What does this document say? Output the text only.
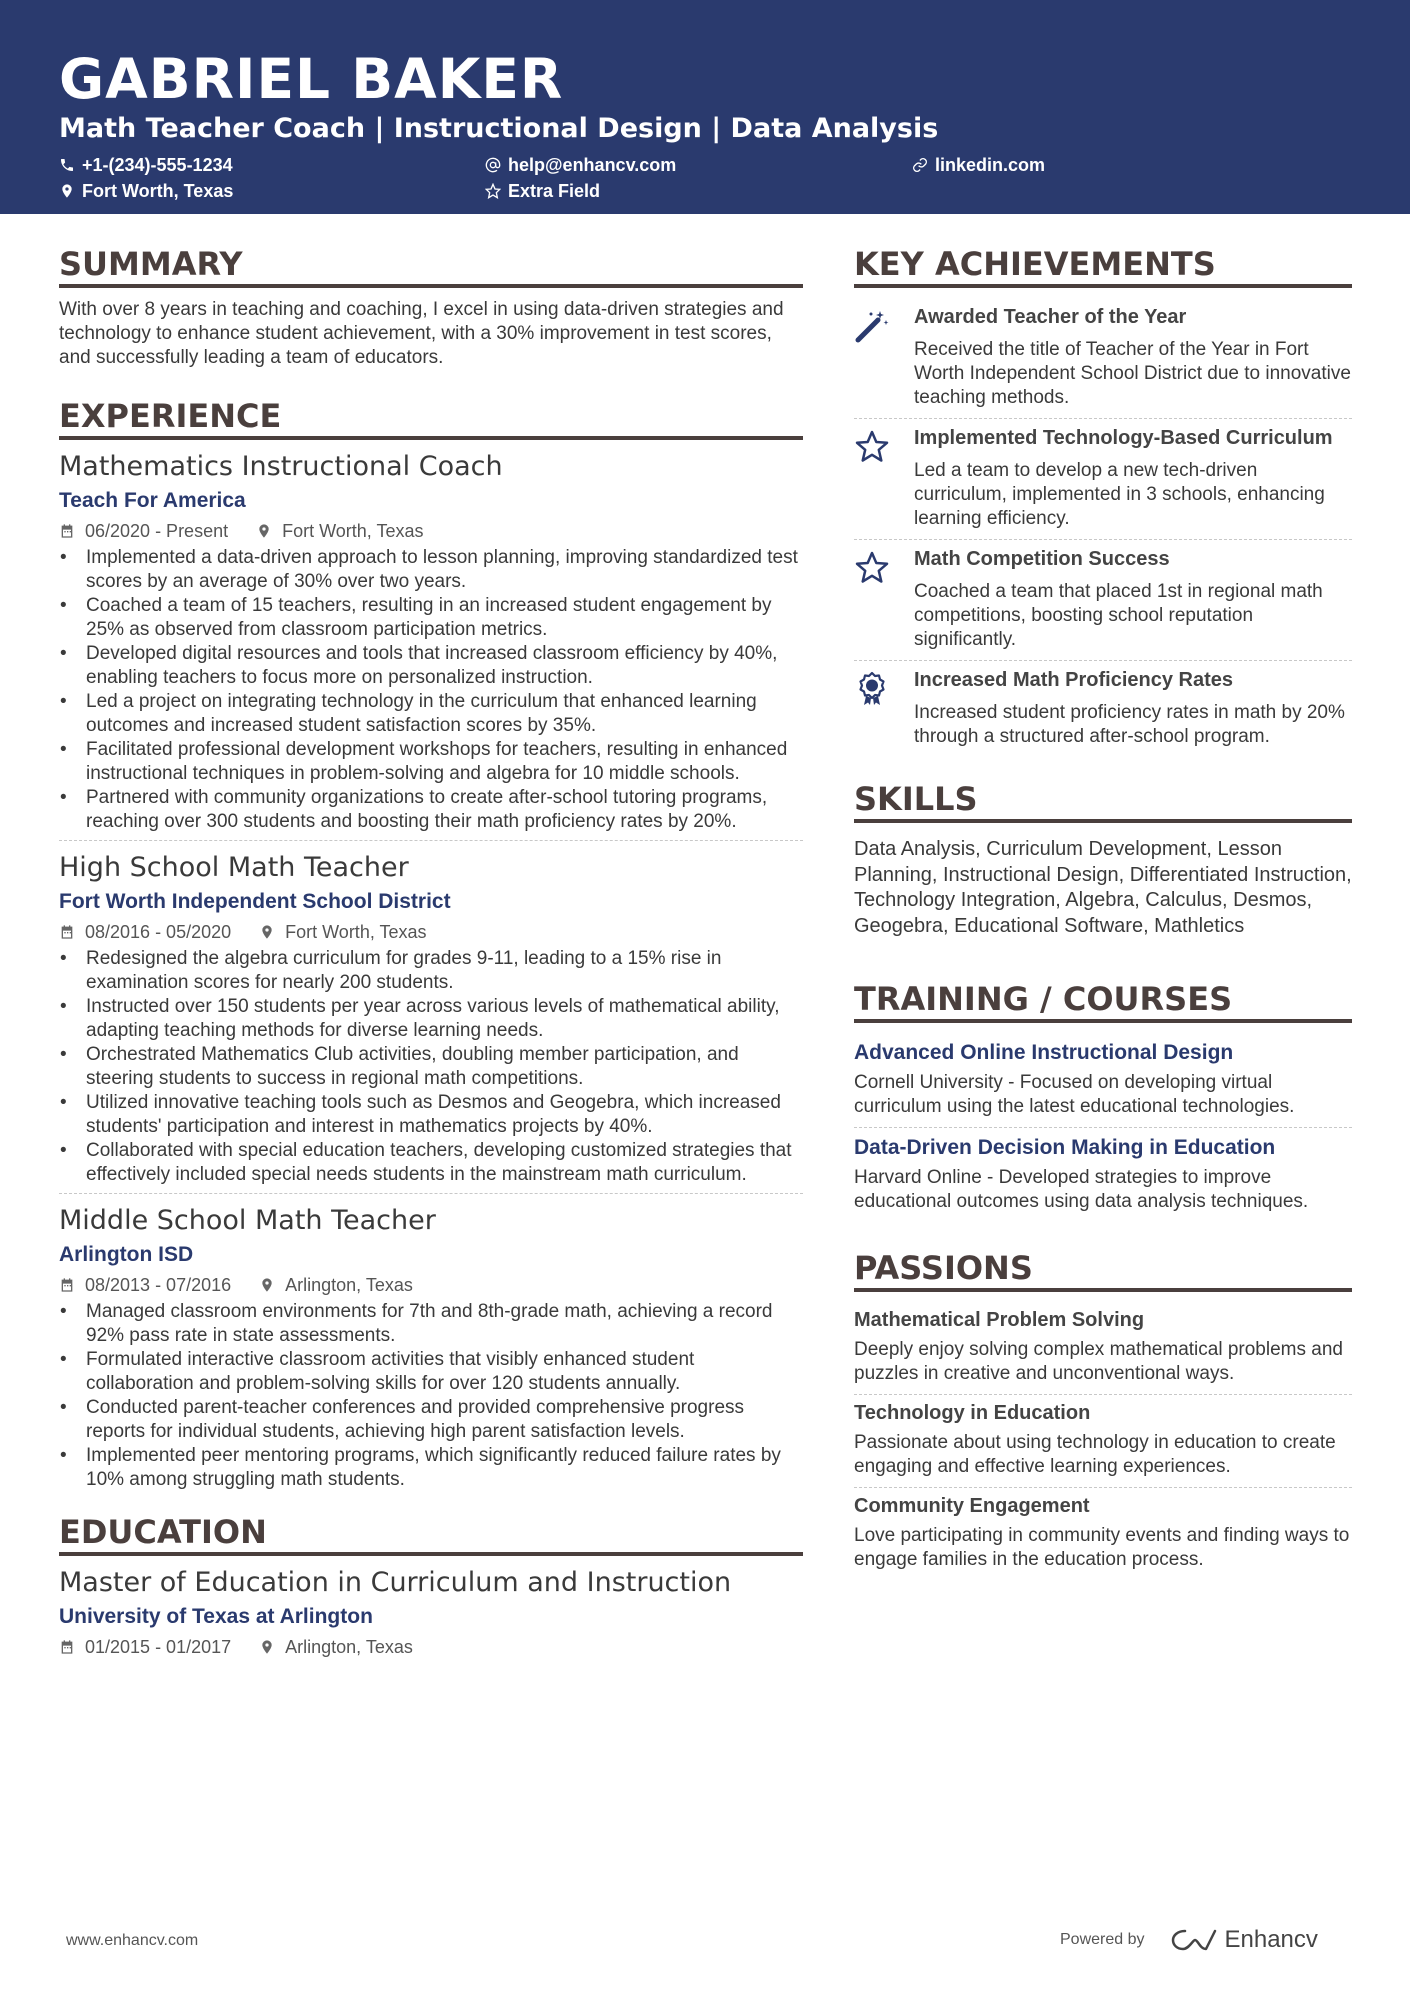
GABRIEL BAKER
Math Teacher Coach | Instructional Design | Data Analysis
+1-(234)-555-1234	help@enhancv.com	linkedin.com
Fort Worth, Texas	Extra Field
SUMMARY
With over 8 years in teaching and coaching, I excel in using data-driven strategies and technology to enhance student achievement, with a 30% improvement in test scores, and successfully leading a team of educators.
EXPERIENCE
Mathematics Instructional Coach
Teach For America
06/2020 - Present	Fort Worth, Texas
• Implemented a data-driven approach to lesson planning, improving standardized test scores by an average of 30% over two years.
• Coached a team of 15 teachers, resulting in an increased student engagement by 25% as observed from classroom participation metrics.
• Developed digital resources and tools that increased classroom efficiency by 40%, enabling teachers to focus more on personalized instruction.
• Led a project on integrating technology in the curriculum that enhanced learning outcomes and increased student satisfaction scores by 35%.
• Facilitated professional development workshops for teachers, resulting in enhanced instructional techniques in problem-solving and algebra for 10 middle schools.
• Partnered with community organizations to create after-school tutoring programs, reaching over 300 students and boosting their math proficiency rates by 20%.
High School Math Teacher
Fort Worth Independent School District
08/2016 - 05/2020	Fort Worth, Texas
• Redesigned the algebra curriculum for grades 9-11, leading to a 15% rise in examination scores for nearly 200 students.
• Instructed over 150 students per year across various levels of mathematical ability, adapting teaching methods for diverse learning needs.
• Orchestrated Mathematics Club activities, doubling member participation, and steering students to success in regional math competitions.
• Utilized innovative teaching tools such as Desmos and Geogebra, which increased students' participation and interest in mathematics projects by 40%.
• Collaborated with special education teachers, developing customized strategies that effectively included special needs students in the mainstream math curriculum.
Middle School Math Teacher
Arlington ISD
08/2013 - 07/2016	Arlington, Texas
• Managed classroom environments for 7th and 8th-grade math, achieving a record 92% pass rate in state assessments.
• Formulated interactive classroom activities that visibly enhanced student collaboration and problem-solving skills for over 120 students annually.
• Conducted parent-teacher conferences and provided comprehensive progress reports for individual students, achieving high parent satisfaction levels.
• Implemented peer mentoring programs, which significantly reduced failure rates by 10% among struggling math students.
EDUCATION
Master of Education in Curriculum and Instruction
University of Texas at Arlington
01/2015 - 01/2017	Arlington, Texas
KEY ACHIEVEMENTS
Awarded Teacher of the Year
Received the title of Teacher of the Year in Fort Worth Independent School District due to innovative teaching methods.
Implemented Technology-Based Curriculum
Led a team to develop a new tech-driven curriculum, implemented in 3 schools, enhancing learning efficiency.
Math Competition Success
Coached a team that placed 1st in regional math competitions, boosting school reputation significantly.
Increased Math Proficiency Rates
Increased student proficiency rates in math by 20% through a structured after-school program.
SKILLS
Data Analysis, Curriculum Development, Lesson Planning, Instructional Design, Differentiated Instruction, Technology Integration, Algebra, Calculus, Desmos, Geogebra, Educational Software, Mathletics
TRAINING / COURSES
Advanced Online Instructional Design
Cornell University - Focused on developing virtual curriculum using the latest educational technologies.
Data-Driven Decision Making in Education
Harvard Online - Developed strategies to improve educational outcomes using data analysis techniques.
PASSIONS
Mathematical Problem Solving
Deeply enjoy solving complex mathematical problems and puzzles in creative and unconventional ways.
Technology in Education
Passionate about using technology in education to create engaging and effective learning experiences.
Community Engagement
Love participating in community events and finding ways to engage families in the education process.
www.enhancv.com	Powered by	Enhancv
